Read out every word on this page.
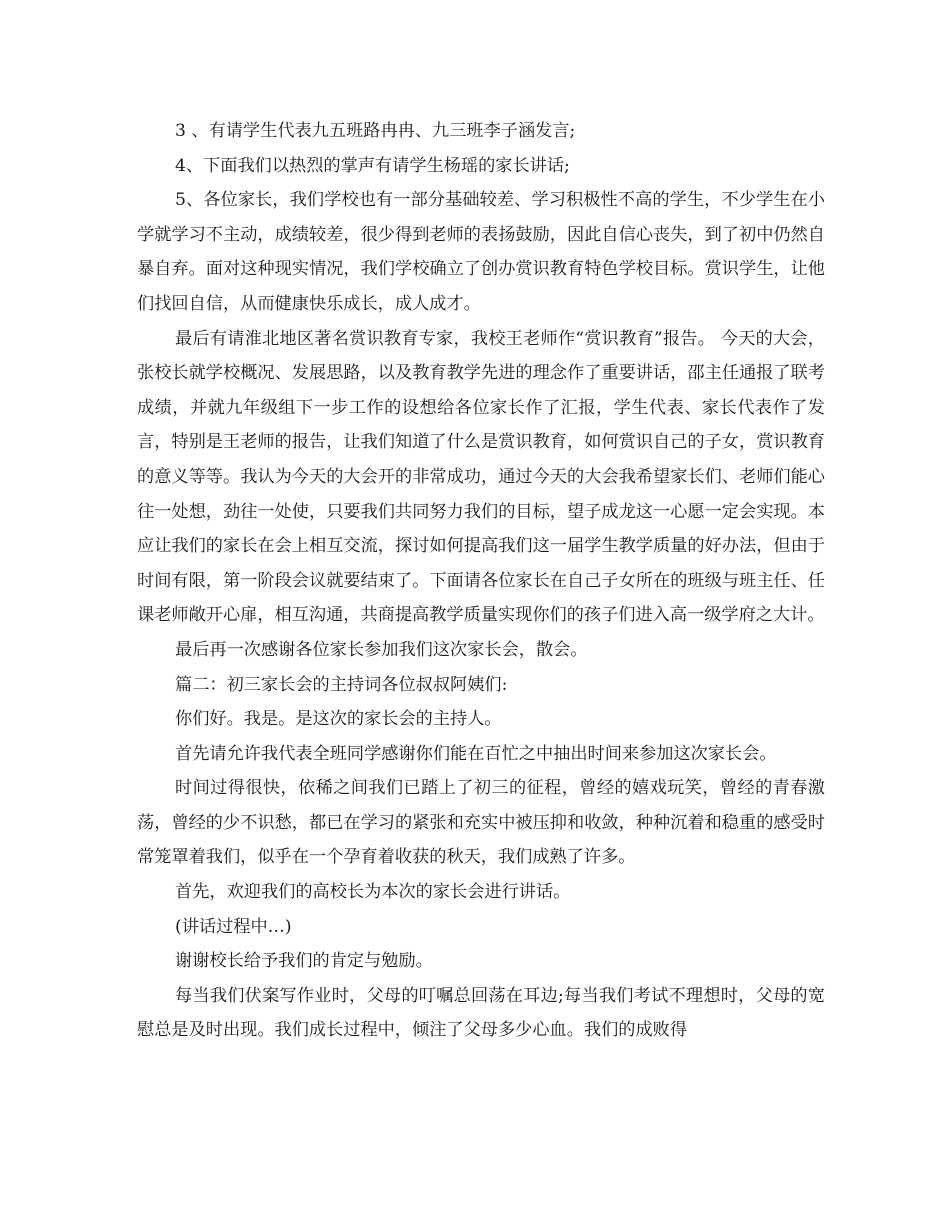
3 、有请学生代表九五班路冉冉、九三班李子涵发言;

4、下面我们以热烈的掌声有请学生杨瑶的家长讲话;

5、各位家长，我们学校也有一部分基础较差、学习积极性不高的学生，不少学生在小学就学习不主动，成绩较差，很少得到老师的表扬鼓励，因此自信心丧失，到了初中仍然自暴自弃。面对这种现实情况，我们学校确立了创办赏识教育特色学校目标。赏识学生，让他们找回自信，从而健康快乐成长，成人成才。

最后有请淮北地区著名赏识教育专家，我校王老师作“赏识教育”报告。 今天的大会，张校长就学校概况、发展思路，以及教育教学先进的理念作了重要讲话，邵主任通报了联考成绩，并就九年级组下一步工作的设想给各位家长作了汇报，学生代表、家长代表作了发言，特别是王老师的报告，让我们知道了什么是赏识教育，如何赏识自己的子女，赏识教育的意义等等。我认为今天的大会开的非常成功，通过今天的大会我希望家长们、老师们能心往一处想，劲往一处使，只要我们共同努力我们的目标，望子成龙这一心愿一定会实现。本应让我们的家长在会上相互交流，探讨如何提高我们这一届学生教学质量的好办法，但由于时间有限，第一阶段会议就要结束了。下面请各位家长在自己子女所在的班级与班主任、任课老师敞开心扉，相互沟通，共商提高教学质量实现你们的孩子们进入高一级学府之大计。

最后再一次感谢各位家长参加我们这次家长会，散会。

篇二：初三家长会的主持词各位叔叔阿姨们:

你们好。我是。是这次的家长会的主持人。

首先请允许我代表全班同学感谢你们能在百忙之中抽出时间来参加这次家长会。

时间过得很快，依稀之间我们已踏上了初三的征程，曾经的嬉戏玩笑，曾经的青春激荡，曾经的少不识愁，都已在学习的紧张和充实中被压抑和收敛，种种沉着和稳重的感受时常笼罩着我们，似乎在一个孕育着收获的秋天，我们成熟了许多。

首先，欢迎我们的高校长为本次的家长会进行讲话。

(讲话过程中…)

谢谢校长给予我们的肯定与勉励。

每当我们伏案写作业时，父母的叮嘱总回荡在耳边;每当我们考试不理想时，父母的宽慰总是及时出现。我们成长过程中，倾注了父母多少心血。我们的成败得
